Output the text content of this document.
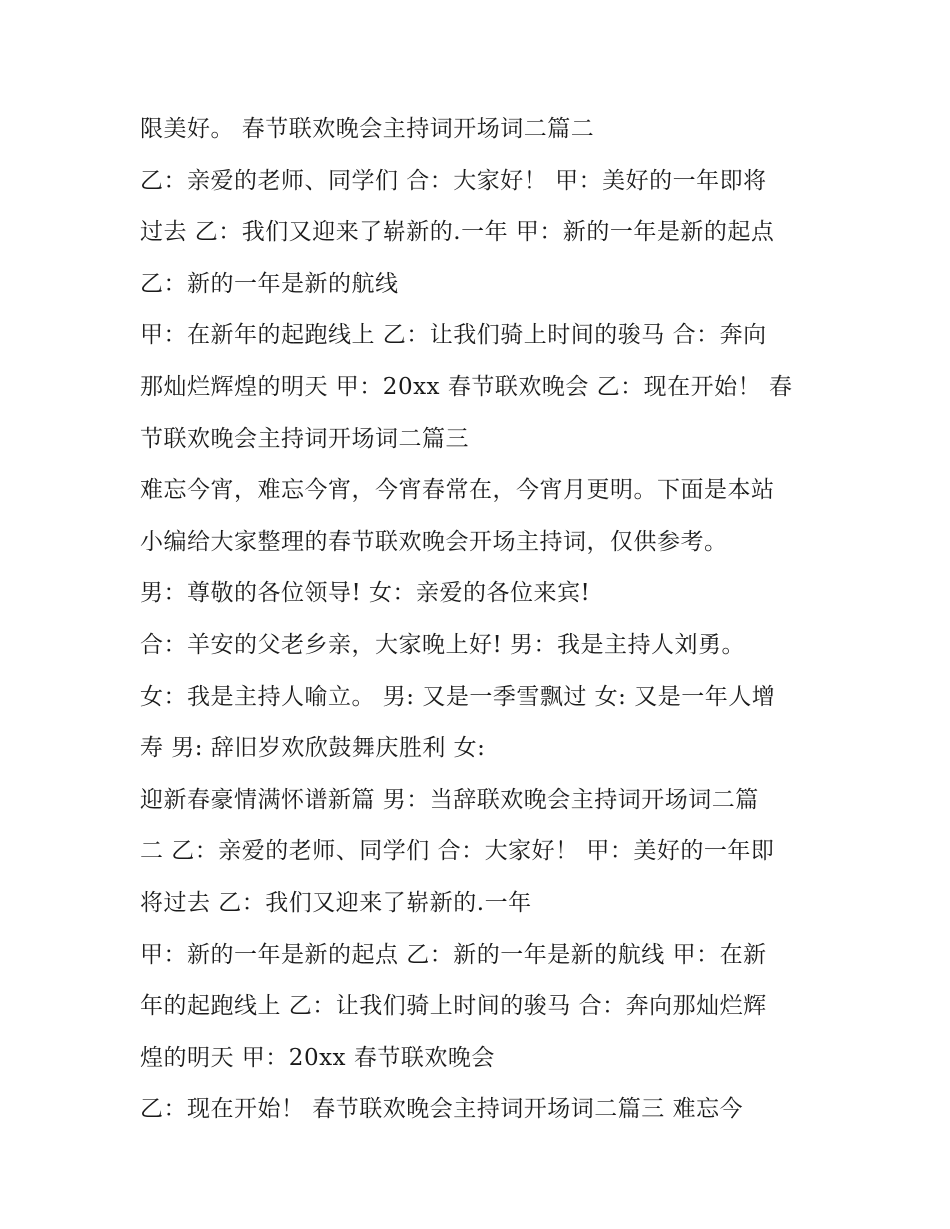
限美好。 春节联欢晚会主持词开场词二篇二
乙：亲爱的老师、同学们 合：大家好！ 甲：美好的一年即将
过去 乙：我们又迎来了崭新的.一年 甲：新的一年是新的起点
乙：新的一年是新的航线
甲：在新年的起跑线上 乙：让我们骑上时间的骏马 合：奔向
那灿烂辉煌的明天 甲：20xx 春节联欢晚会 乙：现在开始！ 春
节联欢晚会主持词开场词二篇三
难忘今宵，难忘今宵，今宵春常在，今宵月更明。下面是本站
小编给大家整理的春节联欢晚会开场主持词，仅供参考。
男：尊敬的各位领导! 女：亲爱的各位来宾!
合：羊安的父老乡亲，大家晚上好! 男：我是主持人刘勇。
女：我是主持人喻立。 男: 又是一季雪飘过 女: 又是一年人增
寿 男: 辞旧岁欢欣鼓舞庆胜利 女:
迎新春豪情满怀谱新篇 男：当辞联欢晚会主持词开场词二篇
二 乙：亲爱的老师、同学们 合：大家好！ 甲：美好的一年即
将过去 乙：我们又迎来了崭新的.一年
甲：新的一年是新的起点 乙：新的一年是新的航线 甲：在新
年的起跑线上 乙：让我们骑上时间的骏马 合：奔向那灿烂辉
煌的明天 甲：20xx 春节联欢晚会
乙：现在开始！ 春节联欢晚会主持词开场词二篇三 难忘今
